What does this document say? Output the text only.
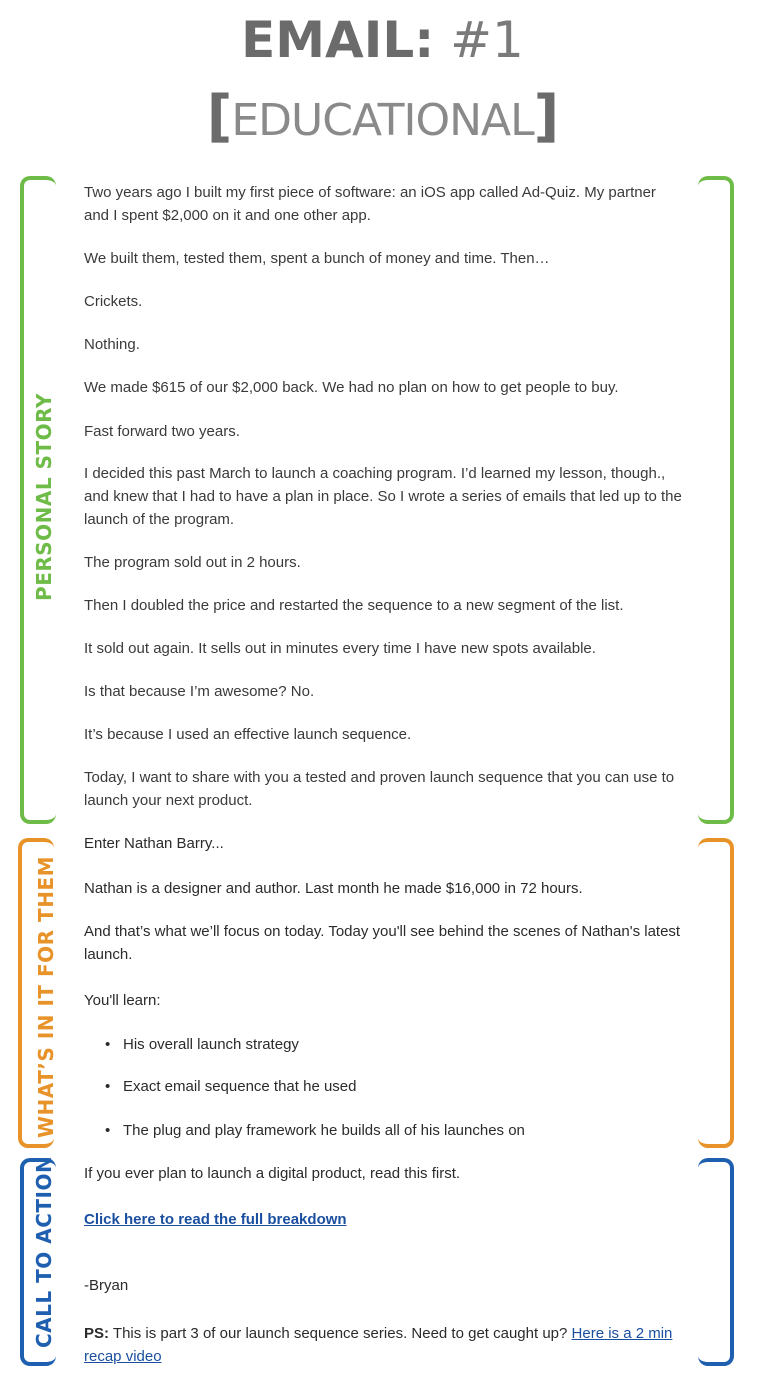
EMAIL: #1
[EDUCATIONAL]
PERSONAL STORY
WHAT’S IN IT FOR THEM
CALL TO ACTION

Two years ago I built my first piece of software: an iOS app called Ad-Quiz. My partner and I spent $2,000 on it and one other app.

We built them, tested them, spent a bunch of money and time. Then…

Crickets.

Nothing.

We made $615 of our $2,000 back. We had no plan on how to get people to buy.

Fast forward two years.

I decided this past March to launch a coaching program. I’d learned my lesson, though., and knew that I had to have a plan in place. So I wrote a series of emails that led up to the launch of the program.

The program sold out in 2 hours.

Then I doubled the price and restarted the sequence to a new segment of the list.

It sold out again. It sells out in minutes every time I have new spots available.

Is that because I’m awesome? No.

It’s because I used an effective launch sequence.

Today, I want to share with you a tested and proven launch sequence that you can use to launch your next product.

Enter Nathan Barry...

Nathan is a designer and author. Last month he made $16,000 in 72 hours.

And that’s what we’ll focus on today. Today you'll see behind the scenes of Nathan's latest launch.

You'll learn:

• His overall launch strategy
• Exact email sequence that he used
• The plug and play framework he builds all of his launches on

If you ever plan to launch a digital product, read this first.

Click here to read the full breakdown

-Bryan

PS: This is part 3 of our launch sequence series. Need to get caught up? Here is a 2 min recap video
